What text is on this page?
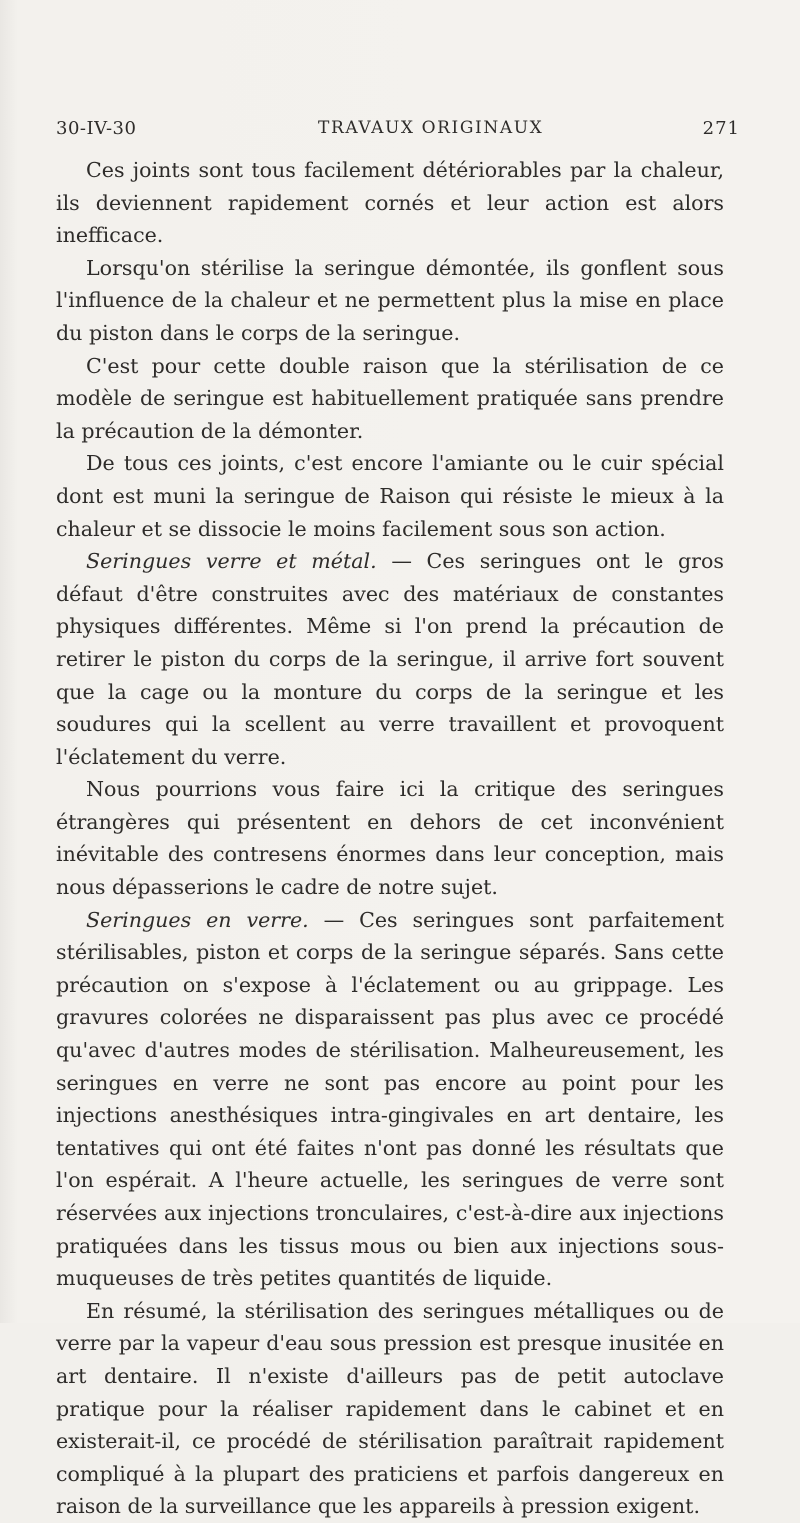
30-IV-30	TRAVAUX ORIGINAUX	271

Ces joints sont tous facilement détériorables par la chaleur, ils deviennent rapidement cornés et leur action est alors inefficace.

Lorsqu'on stérilise la seringue démontée, ils gonflent sous l'influence de la chaleur et ne permettent plus la mise en place du piston dans le corps de la seringue.

C'est pour cette double raison que la stérilisation de ce modèle de seringue est habituellement pratiquée sans prendre la précaution de la démonter.

De tous ces joints, c'est encore l'amiante ou le cuir spécial dont est muni la seringue de Raison qui résiste le mieux à la chaleur et se dissocie le moins facilement sous son action.

Seringues verre et métal. — Ces seringues ont le gros défaut d'être construites avec des matériaux de constantes physiques différentes. Même si l'on prend la précaution de retirer le piston du corps de la seringue, il arrive fort souvent que la cage ou la monture du corps de la seringue et les soudures qui la scellent au verre travaillent et provoquent l'éclatement du verre.

Nous pourrions vous faire ici la critique des seringues étrangères qui présentent en dehors de cet inconvénient inévitable des contresens énormes dans leur conception, mais nous dépasserions le cadre de notre sujet.

Seringues en verre. — Ces seringues sont parfaitement stérilisables, piston et corps de la seringue séparés. Sans cette précaution on s'expose à l'éclatement ou au grippage. Les gravures colorées ne disparaissent pas plus avec ce procédé qu'avec d'autres modes de stérilisation. Malheureusement, les seringues en verre ne sont pas encore au point pour les injections anesthésiques intra-gingivales en art dentaire, les tentatives qui ont été faites n'ont pas donné les résultats que l'on espérait. A l'heure actuelle, les seringues de verre sont réservées aux injections tronculaires, c'est-à-dire aux injections pratiquées dans les tissus mous ou bien aux injections sous-muqueuses de très petites quantités de liquide.

En résumé, la stérilisation des seringues métalliques ou de verre par la vapeur d'eau sous pression est presque inusitée en art dentaire. Il n'existe d'ailleurs pas de petit autoclave pratique pour la réaliser rapidement dans le cabinet et en existerait-il, ce procédé de stérilisation paraîtrait rapidement compliqué à la plupart des praticiens et parfois dangereux en raison de la surveillance que les appareils à pression exigent.
